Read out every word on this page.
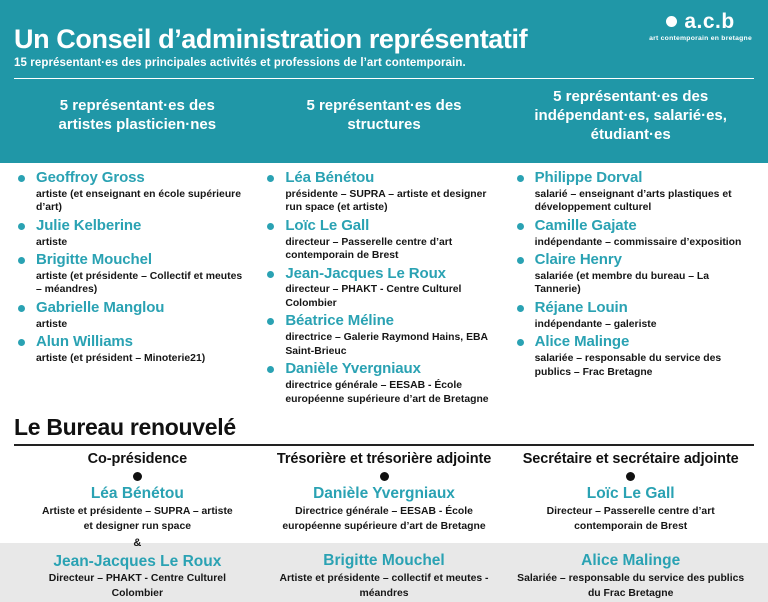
a.c.b
art contemporain en bretagne
Un Conseil d’administration représentatif

15 représentant·es des principales activités et professions de l’art contemporain.

5 représentant·es des artistes plasticien·nes
5 représentant·es des structures
5 représentant·es des indépendant·es, salarié·es, étudiant·es
Geoffroy Gross
artiste (et enseignant en école supérieure d’art)
Julie Kelberine
artiste
Brigitte Mouchel
artiste (et présidente – Collectif et meutes – méandres)
Gabrielle Manglou
artiste
Alun Williams
artiste (et président – Minoterie21)
Léa Bénétou
présidente – SUPRA – artiste et designer run space (et artiste)
Loïc Le Gall
directeur – Passerelle centre d’art contemporain de Brest
Jean-Jacques Le Roux
directeur – PHAKT - Centre Culturel Colombier
Béatrice Méline
directrice – Galerie Raymond Hains, EBA Saint-Brieuc
Danièle Yvergniaux
directrice générale – EESAB - École européenne supérieure d’art de Bretagne
Philippe Dorval
salarié – enseignant d’arts plastiques et développement culturel
Camille Gajate
indépendante – commissaire d’exposition
Claire Henry
salariée (et membre du bureau – La Tannerie)
Réjane Louin
indépendante – galeriste
Alice Malinge
salariée – responsable du service des publics – Frac Bretagne
Le Bureau renouvelé
Co-présidence
Léa Bénétou
Artiste et présidente – SUPRA – artiste et designer run space
&
Jean-Jacques Le Roux
Directeur – PHAKT - Centre Culturel Colombier
Trésorière et trésorière adjointe
Danièle Yvergniaux
Directrice générale – EESAB - École européenne supérieure d’art de Bretagne
Brigitte Mouchel
Artiste et présidente – collectif et meutes - méandres
Secrétaire et secrétaire adjointe
Loïc Le Gall
Directeur – Passerelle centre d’art contemporain de Brest
Alice Malinge
Salariée – responsable du service des publics du Frac Bretagne
